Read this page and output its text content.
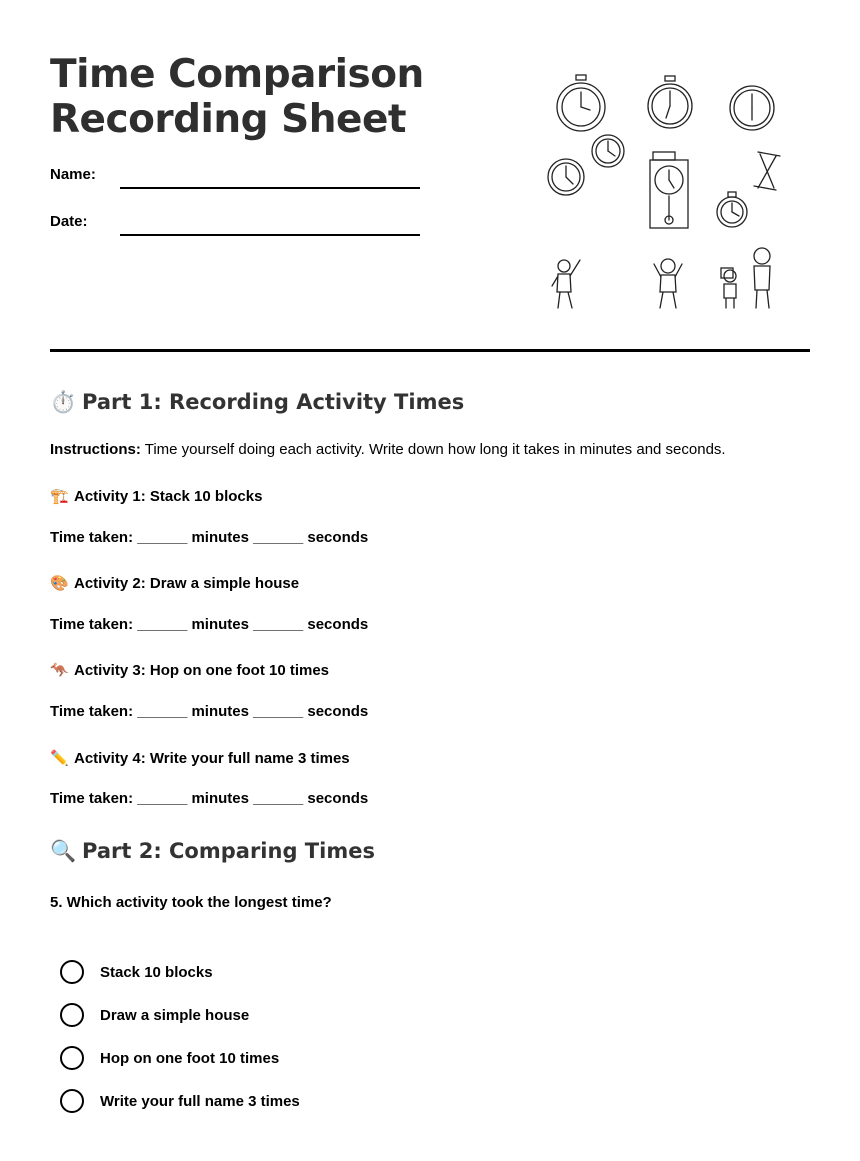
Time Comparison
Recording Sheet
Name:
Date:
⏱️ Part 1: Recording Activity Times
Instructions: Time yourself doing each activity. Write down how long it takes in minutes and seconds.
🏗️ Activity 1: Stack 10 blocks
Time taken: ______ minutes ______ seconds
🎨 Activity 2: Draw a simple house
Time taken: ______ minutes ______ seconds
🦘 Activity 3: Hop on one foot 10 times
Time taken: ______ minutes ______ seconds
✏️ Activity 4: Write your full name 3 times
Time taken: ______ minutes ______ seconds
🔍 Part 2: Comparing Times
5. Which activity took the longest time?
Stack 10 blocks
Draw a simple house
Hop on one foot 10 times
Write your full name 3 times
